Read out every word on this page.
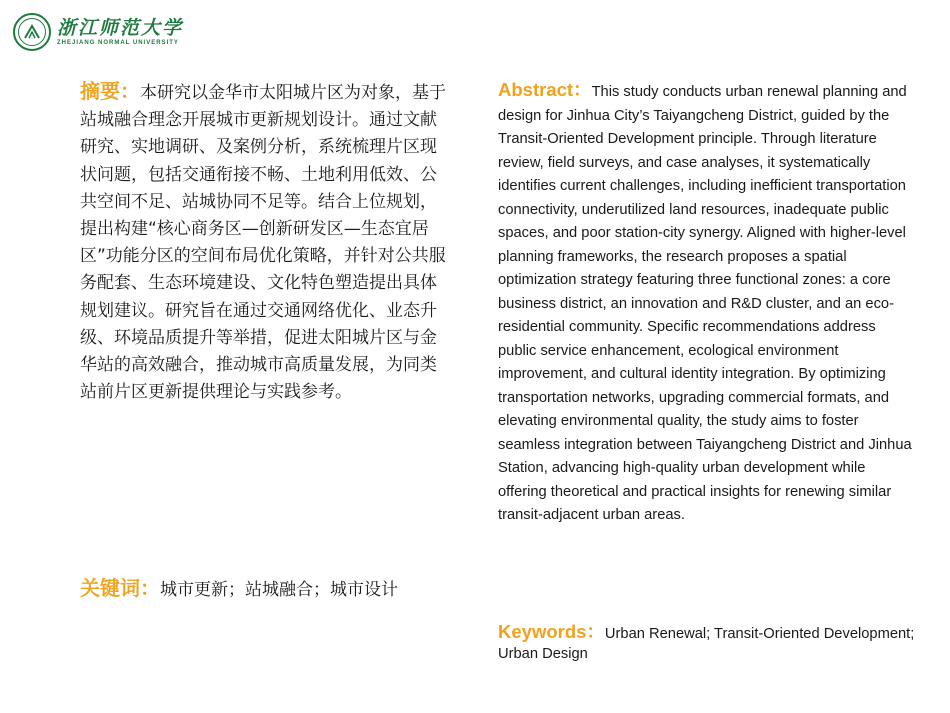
浙江师范大学
ZHEJIANG NORMAL UNIVERSITY
摘要：本研究以金华市太阳城片区为对象，基于站城融合理念开展城市更新规划设计。通过文献研究、实地调研、及案例分析，系统梳理片区现状问题，包括交通衔接不畅、土地利用低效、公共空间不足、站城协同不足等。结合上位规划，提出构建“核心商务区—创新研发区—生态宜居区”功能分区的空间布局优化策略，并针对公共服务配套、生态环境建设、文化特色塑造提出具体规划建议。研究旨在通过交通网络优化、业态升级、环境品质提升等举措，促进太阳城片区与金华站的高效融合，推动城市高质量发展，为同类站前片区更新提供理论与实践参考。
关键词：城市更新；站城融合；城市设计
Abstract：This study conducts urban renewal planning and design for Jinhua City’s Taiyangcheng District, guided by the Transit-Oriented Development principle. Through literature review, field surveys, and case analyses, it systematically identifies current challenges, including inefficient transportation connectivity, underutilized land resources, inadequate public spaces, and poor station-city synergy. Aligned with higher-level planning frameworks, the research proposes a spatial optimization strategy featuring three functional zones: a core business district, an innovation and R&D cluster, and an eco-residential community. Specific recommendations address public service enhancement, ecological environment improvement, and cultural identity integration. By optimizing transportation networks, upgrading commercial formats, and elevating environmental quality, the study aims to foster seamless integration between Taiyangcheng District and Jinhua Station, advancing high-quality urban development while offering theoretical and practical insights for renewing similar transit-adjacent urban areas.
Keywords：Urban Renewal; Transit-Oriented Development; Urban Design
